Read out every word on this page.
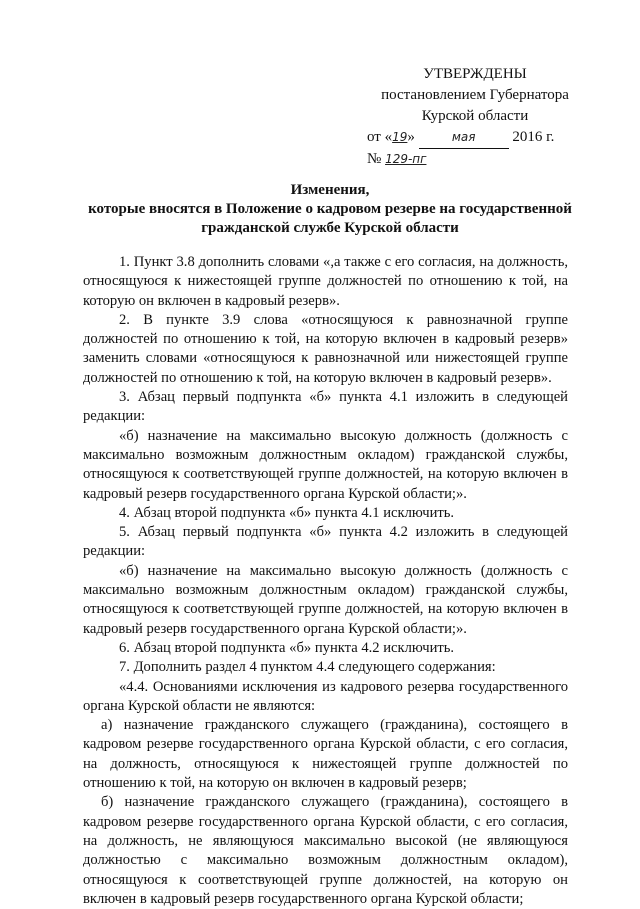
УТВЕРЖДЕНЫ
постановлением Губернатора
Курской области
от «19»	мая 2016 г.
№ 129-пг
Изменения,
которые вносятся в Положение о кадровом резерве на государственной
гражданской службе Курской области

1. Пункт 3.8 дополнить словами «,а также с его согласия, на должность, относящуюся к нижестоящей группе должностей по отношению к той, на которую он включен в кадровый резерв».

2. В пункте 3.9 слова «относящуюся к равнозначной группе должностей по отношению к той, на которую включен в кадровый резерв» заменить словами «относящуюся к равнозначной или нижестоящей группе должностей по отношению к той, на которую включен в кадровый резерв».

3. Абзац первый подпункта «б» пункта 4.1 изложить в следующей редакции:

«б) назначение на максимально высокую должность (должность с максимально возможным должностным окладом) гражданской службы, относящуюся к соответствующей группе должностей, на которую включен в кадровый резерв государственного органа Курской области;».

4. Абзац второй подпункта «б» пункта 4.1 исключить.

5. Абзац первый подпункта «б» пункта 4.2 изложить в следующей редакции:

«б) назначение на максимально высокую должность (должность с максимально возможным должностным окладом) гражданской службы, относящуюся к соответствующей группе должностей, на которую включен в кадровый резерв государственного органа Курской области;».

6. Абзац второй подпункта «б» пункта 4.2 исключить.

7. Дополнить раздел 4 пунктом 4.4 следующего содержания:

«4.4. Основаниями исключения из кадрового резерва государственного органа Курской области не являются:

а) назначение гражданского служащего (гражданина), состоящего в кадровом резерве государственного органа Курской области, с его согласия, на должность, относящуюся к нижестоящей группе должностей по отношению к той, на которую он включен в кадровый резерв;

б) назначение гражданского служащего (гражданина), состоящего в кадровом резерве государственного органа Курской области, с его согласия, на должность, не являющуюся максимально высокой (не являющуюся должностью с максимально возможным должностным окладом), относящуюся к соответствующей группе должностей, на которую он включен в кадровый резерв государственного органа Курской области;
